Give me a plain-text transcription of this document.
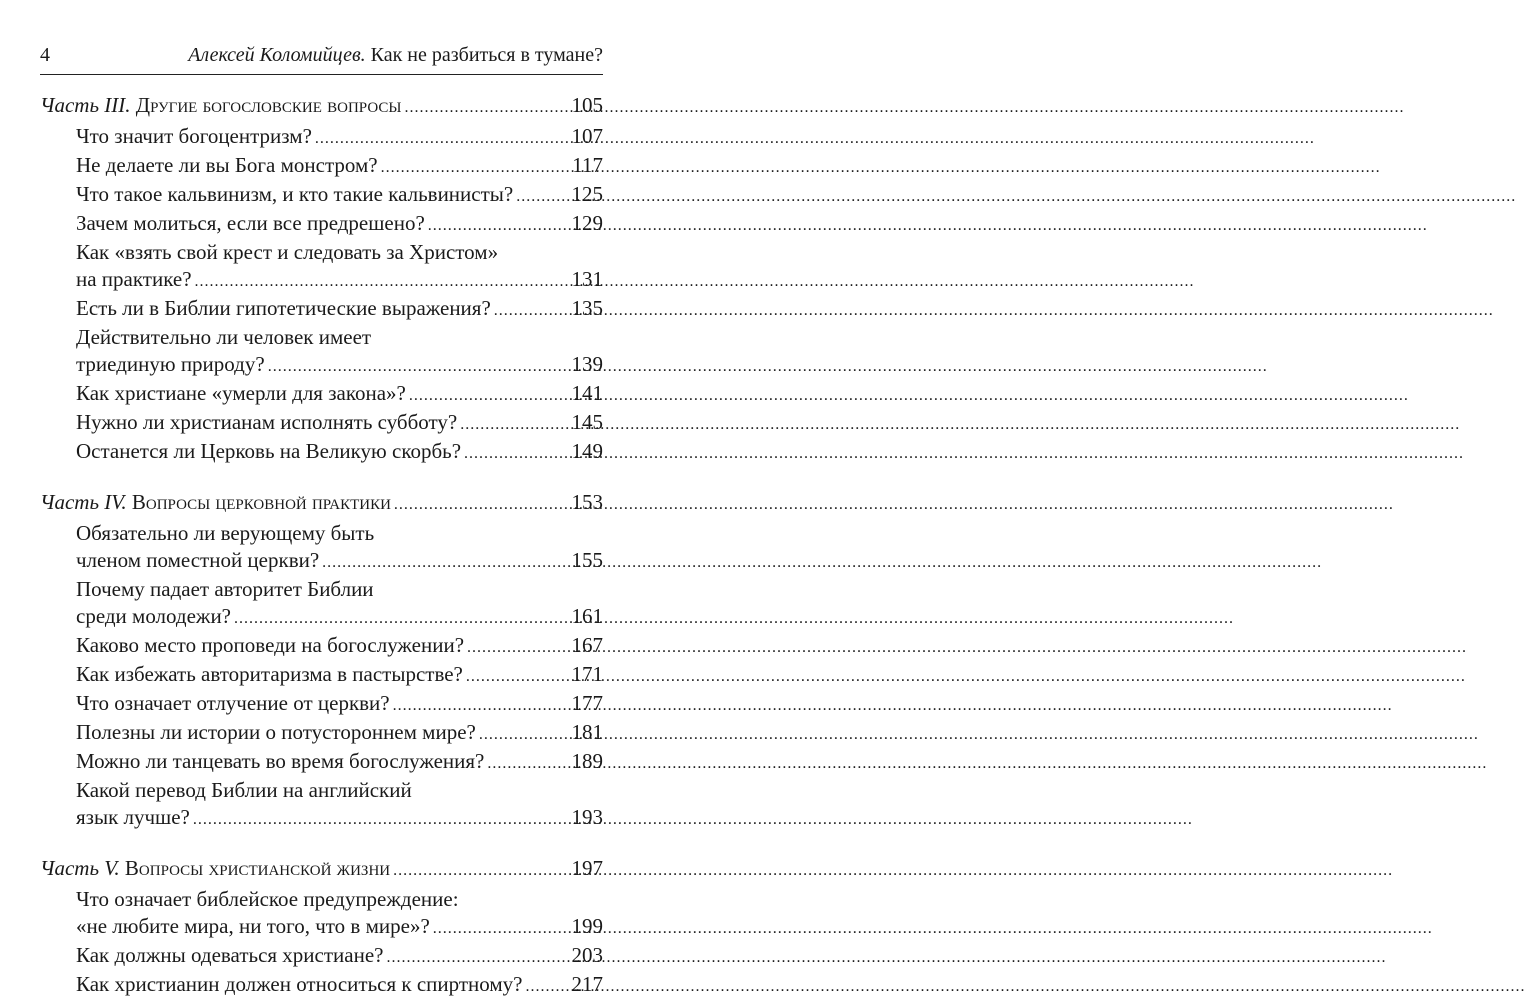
4	Алексей Коломийцев. Как не разбиться в тумане?
Часть III. Другие богословские вопросы .....	105
Что значит богоцентризм? .....	107
Не делаете ли вы Бога монстром? .....	117
Что такое кальвинизм, и кто такие кальвинисты? .....	125
Зачем молиться, если все предрешено? .....	129
Как «взять свой крест и следовать за Христом»
на практике? .....	131
Есть ли в Библии гипотетические выражения? .....	135
Действительно ли человек имеет
триединую природу? .....	139
Как христиане «умерли для закона»? .....	141
Нужно ли христианам исполнять субботу? .....	145
Останется ли Церковь на Великую скорбь? .....	149
Часть IV. Вопросы церковной практики .....	153
Обязательно ли верующему быть
членом поместной церкви? .....	155
Почему падает авторитет Библии
среди молодежи? .....	161
Каково место проповеди на богослужении? .....	167
Как избежать авторитаризма в пастырстве? .....	171
Что означает отлучение от церкви? .....	177
Полезны ли истории о потустороннем мире? .....	181
Можно ли танцевать во время богослужения? .....	189
Какой перевод Библии на английский
язык лучше? .....	193
Часть V. Вопросы христианской жизни .....	197
Что означает библейское предупреждение:
«не любите мира, ни того, что в мире»? .....	199
Как должны одеваться христиане? .....	203
Как христианин должен относиться к спиртному? ..... 217
